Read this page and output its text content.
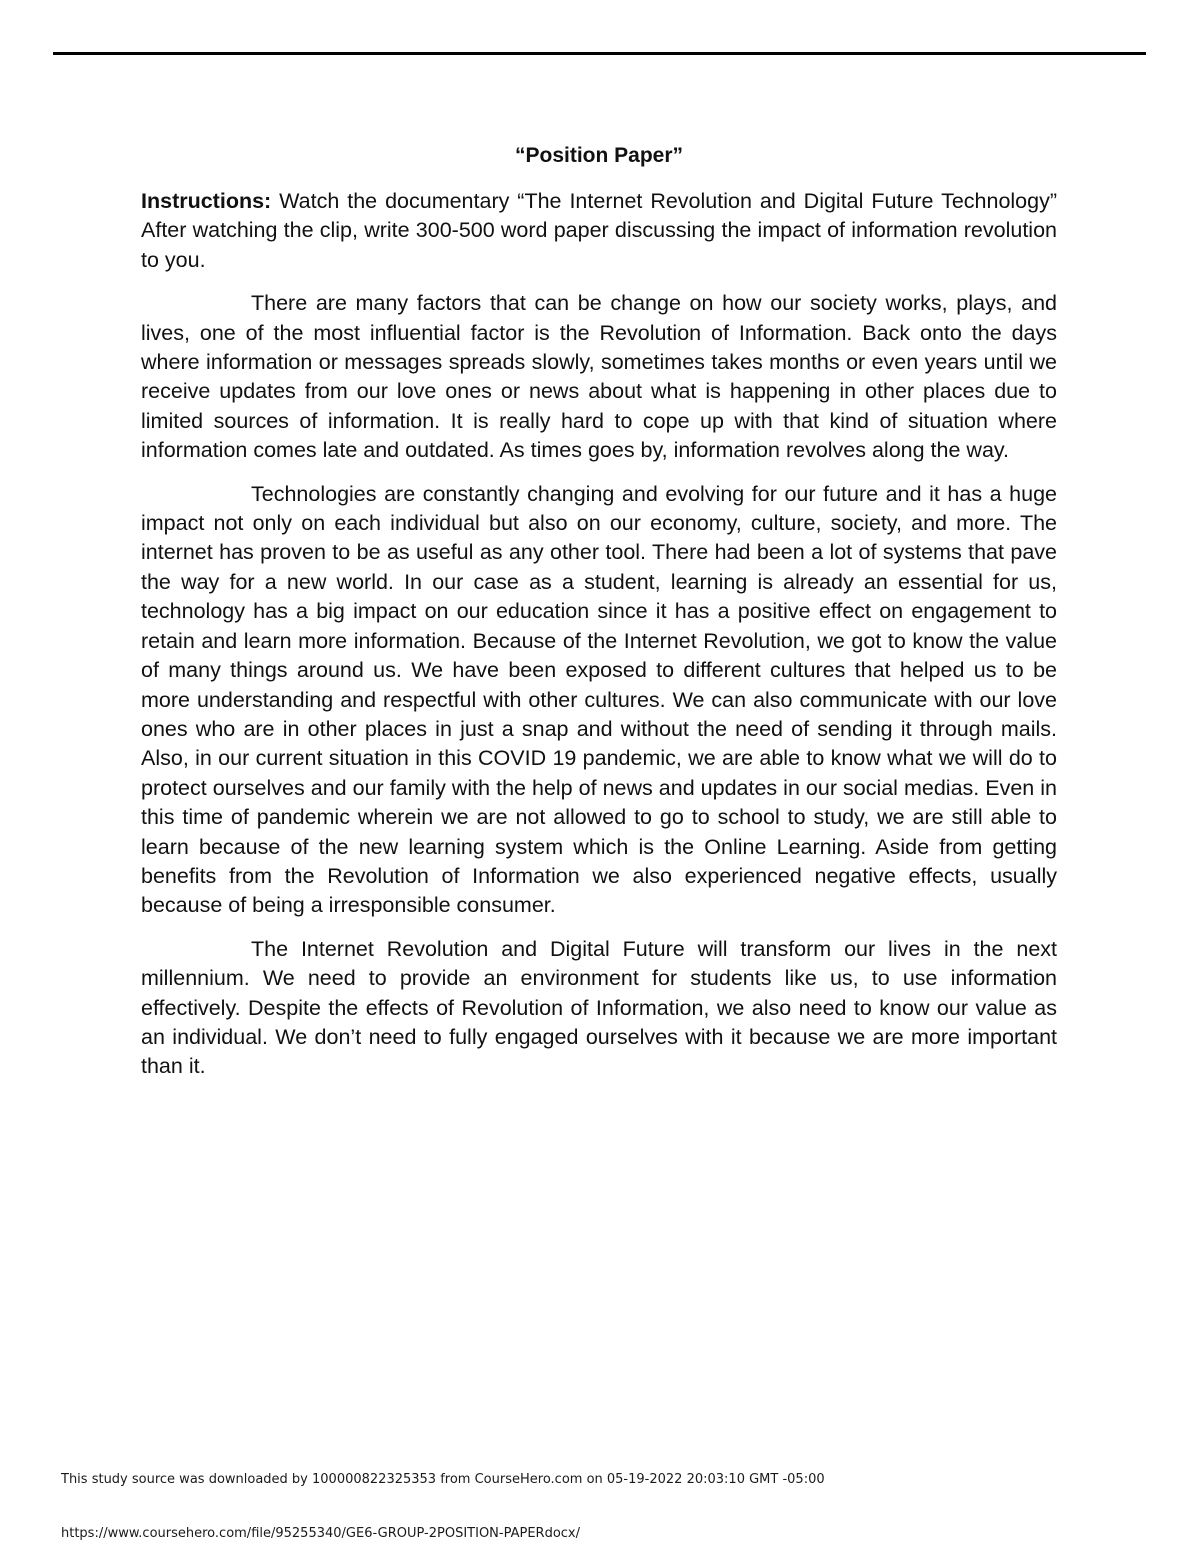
“Position Paper”

Instructions: Watch the documentary “The Internet Revolution and Digital Future Technology” After watching the clip, write 300-500 word paper discussing the impact of information revolution to you.

There are many factors that can be change on how our society works, plays, and lives, one of the most influential factor is the Revolution of Information. Back onto the days where information or messages spreads slowly, sometimes takes months or even years until we receive updates from our love ones or news about what is happening in other places due to limited sources of information. It is really hard to cope up with that kind of situation where information comes late and outdated. As times goes by, information revolves along the way.

Technologies are constantly changing and evolving for our future and it has a huge impact not only on each individual but also on our economy, culture, society, and more. The internet has proven to be as useful as any other tool. There had been a lot of systems that pave the way for a new world. In our case as a student, learning is already an essential for us, technology has a big impact on our education since it has a positive effect on engagement to retain and learn more information. Because of the Internet Revolution, we got to know the value of many things around us. We have been exposed to different cultures that helped us to be more understanding and respectful with other cultures. We can also communicate with our love ones who are in other places in just a snap and without the need of sending it through mails. Also, in our current situation in this COVID 19 pandemic, we are able to know what we will do to protect ourselves and our family with the help of news and updates in our social medias. Even in this time of pandemic wherein we are not allowed to go to school to study, we are still able to learn because of the new learning system which is the Online Learning. Aside from getting benefits from the Revolution of Information we also experienced negative effects, usually because of being a irresponsible consumer.

The Internet Revolution and Digital Future will transform our lives in the next millennium. We need to provide an environment for students like us, to use information effectively. Despite the effects of Revolution of Information, we also need to know our value as an individual. We don’t need to fully engaged ourselves with it because we are more important than it.

This study source was downloaded by 100000822325353 from CourseHero.com on 05-19-2022 20:03:10 GMT -05:00
https://www.coursehero.com/file/95255340/GE6-GROUP-2POSITION-PAPERdocx/
